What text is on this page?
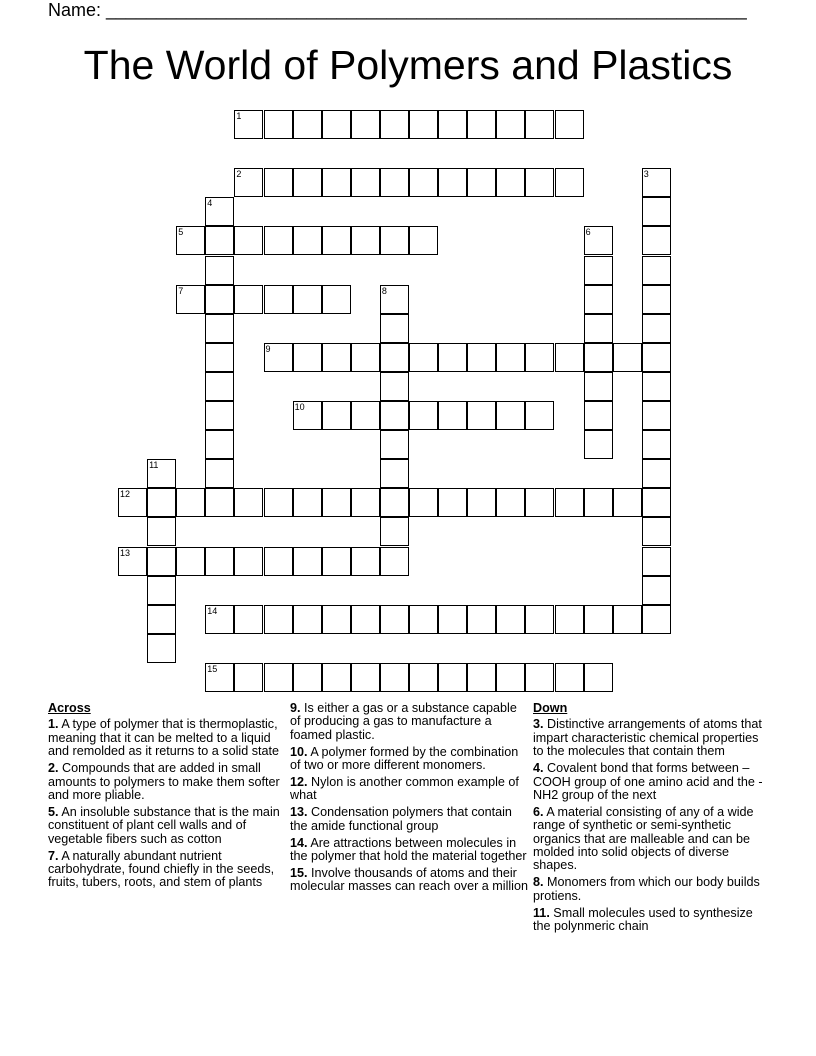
Name: ________________________________________________________________
The World of Polymers and Plastics
1
2	3
4
5	6
7	8
9
10
11
12
13
14
15
Across
1. A type of polymer that is thermoplastic, meaning that it can be melted to a liquid and remolded as it returns to a solid state
2. Compounds that are added in small amounts to polymers to make them softer and more pliable.
5. An insoluble substance that is the main constituent of plant cell walls and of vegetable fibers such as cotton
7. A naturally abundant nutrient carbohydrate, found chiefly in the seeds, fruits, tubers, roots, and stem of plants
9. Is either a gas or a substance capable of producing a gas to manufacture a foamed plastic.
10. A polymer formed by the combination of two or more different monomers.
12. Nylon is another common example of what
13. Condensation polymers that contain the amide functional group
14. Are attractions between molecules in the polymer that hold the material together
15. Involve thousands of atoms and their molecular masses can reach over a million
Down
3. Distinctive arrangements of atoms that impart characteristic chemical properties to the molecules that contain them
4. Covalent bond that forms between –COOH group of one amino acid and the -NH2 group of the next
6. A material consisting of any of a wide range of synthetic or semi-synthetic organics that are malleable and can be molded into solid objects of diverse shapes.
8. Monomers from which our body builds protiens.
11. Small molecules used to synthesize the polynmeric chain
